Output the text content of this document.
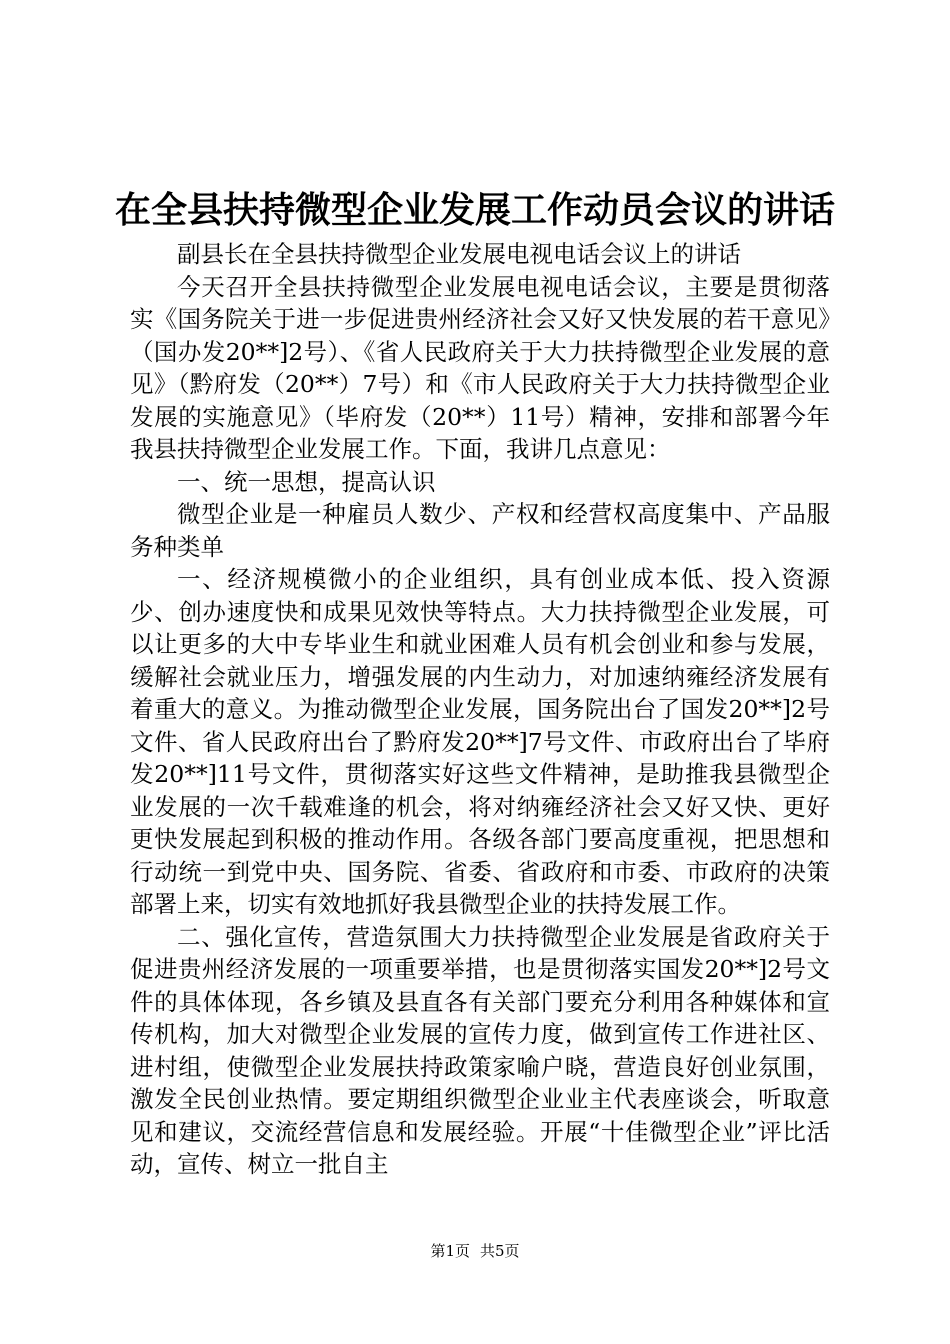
在全县扶持微型企业发展工作动员会议的讲话

副县长在全县扶持微型企业发展电视电话会议上的讲话

今天召开全县扶持微型企业发展电视电话会议，主要是贯彻落实《国务院关于进一步促进贵州经济社会又好又快发展的若干意见》（国办发20**]2号）、《省人民政府关于大力扶持微型企业发展的意见》（黔府发（20**）7号）和《市人民政府关于大力扶持微型企业发展的实施意见》（毕府发（20**）11号）精神，安排和部署今年我县扶持微型企业发展工作。下面，我讲几点意见：

一、统一思想，提高认识

微型企业是一种雇员人数少、产权和经营权高度集中、产品服务种类单

一、经济规模微小的企业组织，具有创业成本低、投入资源少、创办速度快和成果见效快等特点。大力扶持微型企业发展，可以让更多的大中专毕业生和就业困难人员有机会创业和参与发展，缓解社会就业压力，增强发展的内生动力，对加速纳雍经济发展有着重大的意义。为推动微型企业发展，国务院出台了国发20**]2号文件、省人民政府出台了黔府发20**]7号文件、市政府出台了毕府发20**]11号文件，贯彻落实好这些文件精神，是助推我县微型企业发展的一次千载难逢的机会，将对纳雍经济社会又好又快、更好更快发展起到积极的推动作用。各级各部门要高度重视，把思想和行动统一到党中央、国务院、省委、省政府和市委、市政府的决策部署上来，切实有效地抓好我县微型企业的扶持发展工作。

二、强化宣传，营造氛围大力扶持微型企业发展是省政府关于促进贵州经济发展的一项重要举措，也是贯彻落实国发20**]2号文件的具体体现，各乡镇及县直各有关部门要充分利用各种媒体和宣传机构，加大对微型企业发展的宣传力度，做到宣传工作进社区、进村组，使微型企业发展扶持政策家喻户晓，营造良好创业氛围，激发全民创业热情。要定期组织微型企业业主代表座谈会，听取意见和建议，交流经营信息和发展经验。开展“十佳微型企业”评比活动，宣传、树立一批自主

第1页 共5页
